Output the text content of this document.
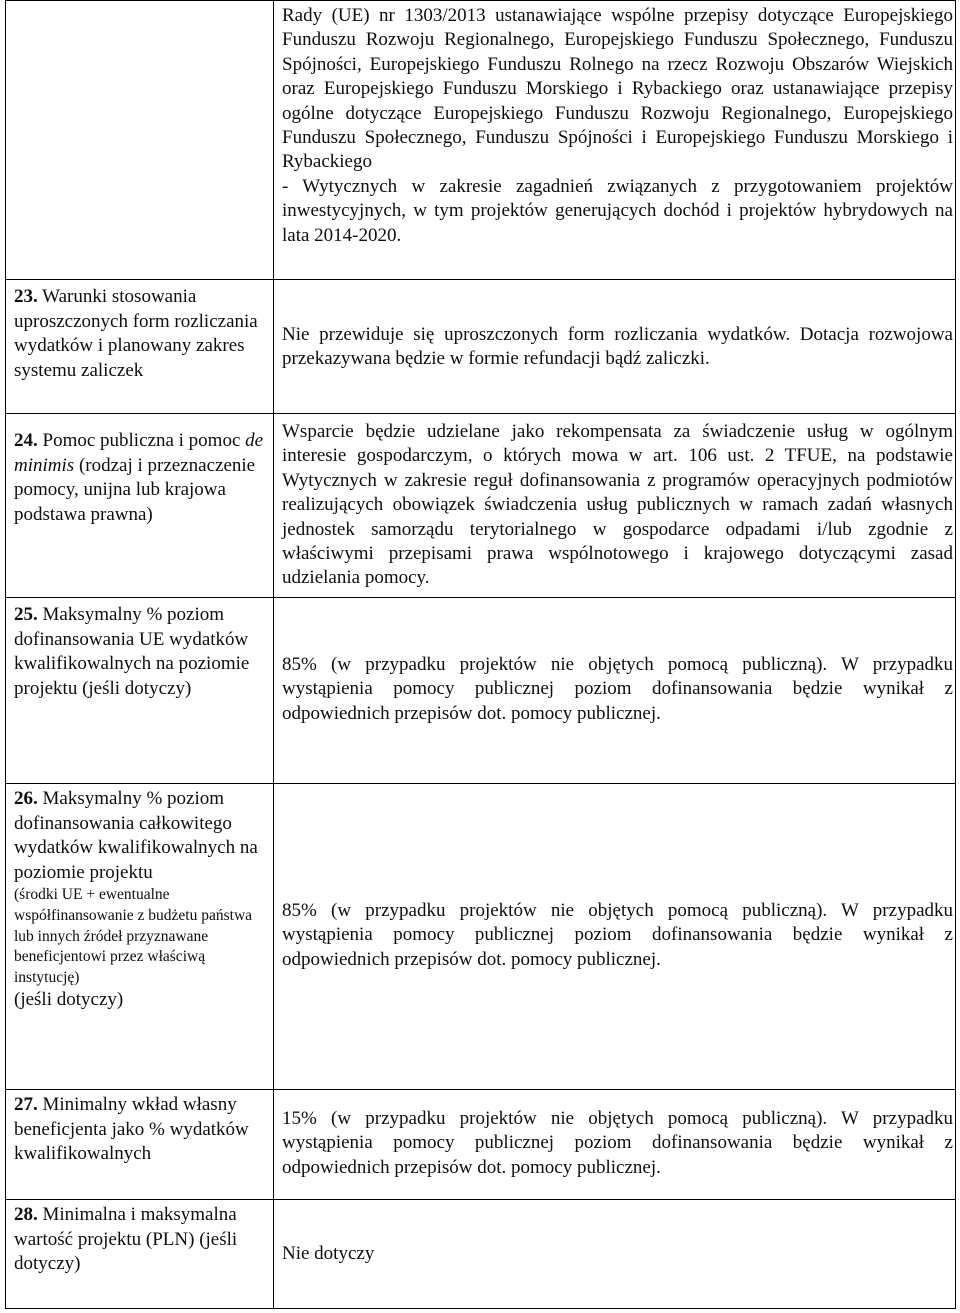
Rady (UE) nr 1303/2013 ustanawiające wspólne przepisy dotyczące Europejskiego Funduszu Rozwoju Regionalnego, Europejskiego Funduszu Społecznego, Funduszu Spójności, Europejskiego Funduszu Rolnego na rzecz Rozwoju Obszarów Wiejskich oraz Europejskiego Funduszu Morskiego i Rybackiego oraz ustanawiające przepisy ogólne dotyczące Europejskiego Funduszu Rozwoju Regionalnego, Europejskiego Funduszu Społecznego, Funduszu Spójności i Europejskiego Funduszu Morskiego i Rybackiego

- Wytycznych w zakresie zagadnień związanych z przygotowaniem projektów inwestycyjnych, w tym projektów generujących dochód i projektów hybrydowych na lata 2014-2020.

23. Warunki stosowania uproszczonych form rozliczania wydatków i planowany zakres systemu zaliczek

Nie przewiduje się uproszczonych form rozliczania wydatków. Dotacja rozwojowa przekazywana będzie w formie refundacji bądź zaliczki.

24. Pomoc publiczna i pomoc de minimis (rodzaj i przeznaczenie pomocy, unijna lub krajowa podstawa prawna)

Wsparcie będzie udzielane jako rekompensata za świadczenie usług w ogólnym interesie gospodarczym, o których mowa w art. 106 ust. 2 TFUE, na podstawie Wytycznych w zakresie reguł dofinansowania z programów operacyjnych podmiotów realizujących obowiązek świadczenia usług publicznych w ramach zadań własnych jednostek samorządu terytorialnego w gospodarce odpadami i/lub zgodnie z właściwymi przepisami prawa wspólnotowego i krajowego dotyczącymi zasad udzielania pomocy.

25. Maksymalny % poziom dofinansowania UE wydatków kwalifikowalnych na poziomie projektu (jeśli dotyczy)

85% (w przypadku projektów nie objętych pomocą publiczną). W przypadku wystąpienia pomocy publicznej poziom dofinansowania będzie wynikał z odpowiednich przepisów dot. pomocy publicznej.

26. Maksymalny % poziom dofinansowania całkowitego wydatków kwalifikowalnych na poziomie projektu
(środki UE + ewentualne współfinansowanie z budżetu państwa lub innych źródeł przyznawane beneficjentowi przez właściwą instytucję)
(jeśli dotyczy)

85% (w przypadku projektów nie objętych pomocą publiczną). W przypadku wystąpienia pomocy publicznej poziom dofinansowania będzie wynikał z odpowiednich przepisów dot. pomocy publicznej.

27. Minimalny wkład własny beneficjenta jako % wydatków kwalifikowalnych

15% (w przypadku projektów nie objętych pomocą publiczną). W przypadku wystąpienia pomocy publicznej poziom dofinansowania będzie wynikał z odpowiednich przepisów dot. pomocy publicznej.

28. Minimalna i maksymalna wartość projektu (PLN) (jeśli dotyczy)	Nie dotyczy
